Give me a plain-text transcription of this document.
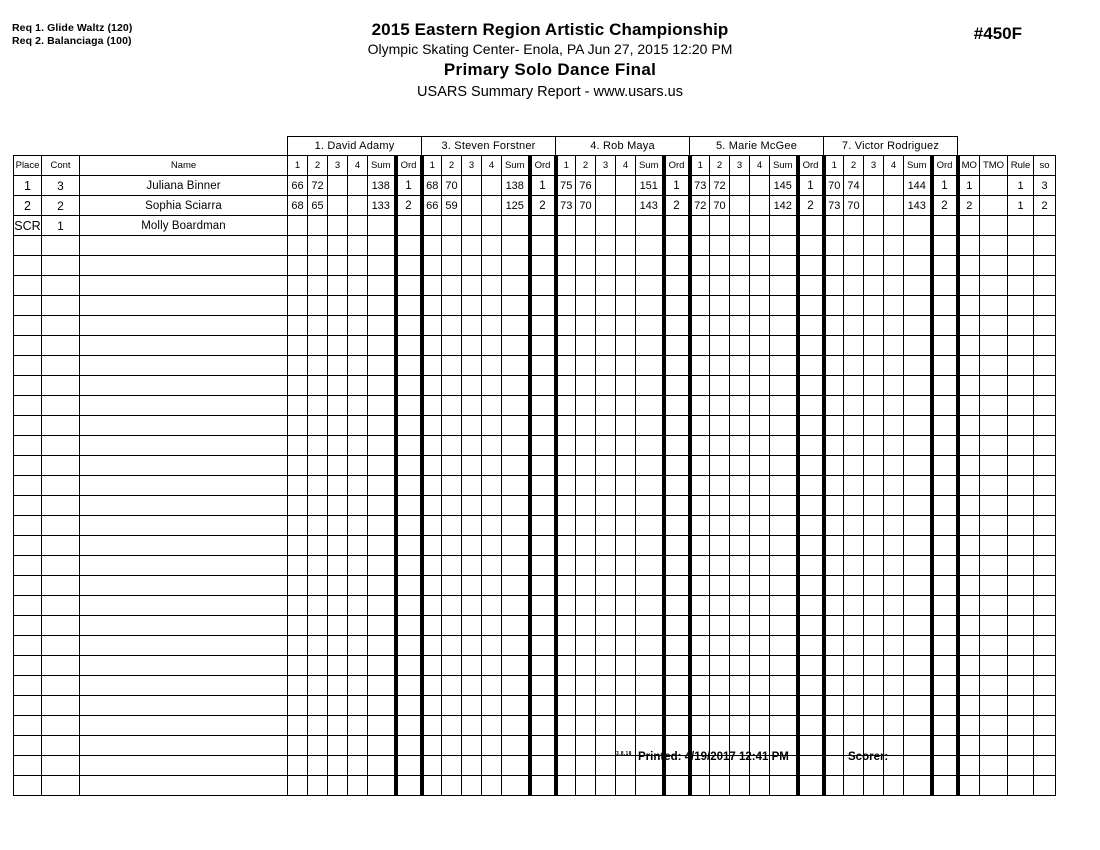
Req 1. Glide Waltz (120)
Req 2. Balanciaga (100)
2015 Eastern Region Artistic Championship
Olympic Skating Center- Enola, PA Jun 27, 2015 12:20 PM
Primary Solo Dance Final
USARS Summary Report - www.usars.us
#450F
			1. David Adamy						3. Steven Forstner						4. Rob Maya						5. Marie McGee						7. Victor Rodriguez									
Place	Cont	Name	1	2	3	4	Sum	Ord	1	2	3	4	Sum	Ord	1	2	3	4	Sum	Ord	1	2	3	4	Sum	Ord	1	2	3	4	Sum	Ord	MO	TMO	Rule	so
1	3	Juliana Binner	66	72			138	1	68	70			138	1	75	76			151	1	73	72			145	1	70	74			144	1	1		1	3
2	2	Sophia Sciarra	68	65			133	2	66	59			125	2	73	70			143	2	72	70			142	2	73	70			143	2	2		1	2
SCR	1	Molly Boardman																																		

3.8.18 Printed: 4/19/2017 12:41 PM	Scorer:
